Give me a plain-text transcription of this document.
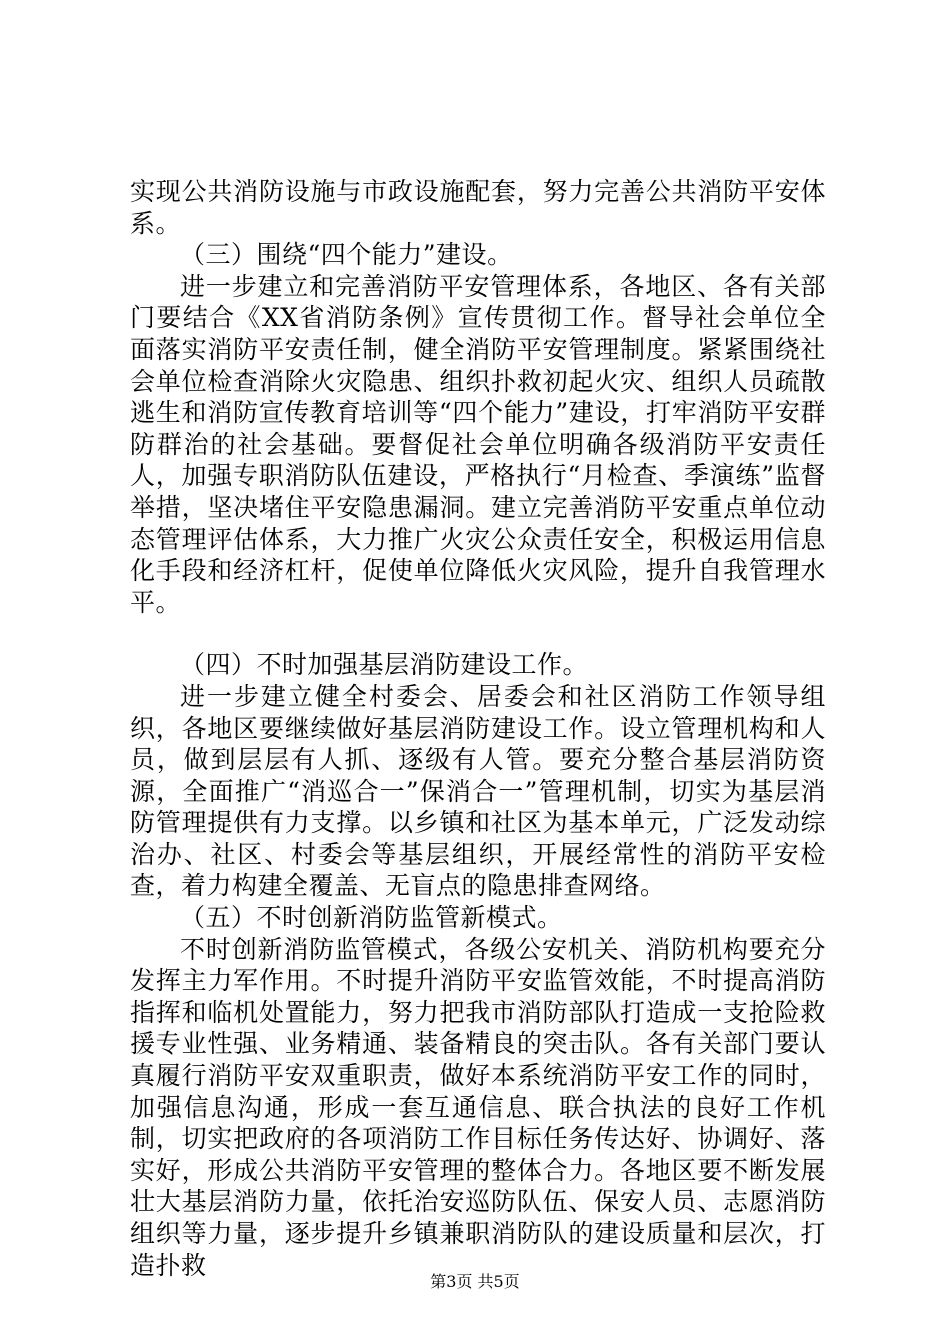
实现公共消防设施与市政设施配套，努力完善公共消防平安体系。

（三）围绕“四个能力”建设。

进一步建立和完善消防平安管理体系，各地区、各有关部门要结合《XX省消防条例》宣传贯彻工作。督导社会单位全面落实消防平安责任制，健全消防平安管理制度。紧紧围绕社会单位检查消除火灾隐患、组织扑救初起火灾、组织人员疏散逃生和消防宣传教育培训等“四个能力”建设，打牢消防平安群防群治的社会基础。要督促社会单位明确各级消防平安责任人，加强专职消防队伍建设，严格执行“月检查、季演练”监督举措，坚决堵住平安隐患漏洞。建立完善消防平安重点单位动态管理评估体系，大力推广火灾公众责任安全，积极运用信息化手段和经济杠杆，促使单位降低火灾风险，提升自我管理水平。

（四）不时加强基层消防建设工作。

进一步建立健全村委会、居委会和社区消防工作领导组织，各地区要继续做好基层消防建设工作。设立管理机构和人员，做到层层有人抓、逐级有人管。要充分整合基层消防资源，全面推广“消巡合一”保消合一”管理机制，切实为基层消防管理提供有力支撑。以乡镇和社区为基本单元，广泛发动综治办、社区、村委会等基层组织，开展经常性的消防平安检查，着力构建全覆盖、无盲点的隐患排查网络。

（五）不时创新消防监管新模式。

不时创新消防监管模式，各级公安机关、消防机构要充分发挥主力军作用。不时提升消防平安监管效能，不时提高消防指挥和临机处置能力，努力把我市消防部队打造成一支抢险救援专业性强、业务精通、装备精良的突击队。各有关部门要认真履行消防平安双重职责，做好本系统消防平安工作的同时，加强信息沟通，形成一套互通信息、联合执法的良好工作机制，切实把政府的各项消防工作目标任务传达好、协调好、落实好，形成公共消防平安管理的整体合力。各地区要不断发展壮大基层消防力量，依托治安巡防队伍、保安人员、志愿消防组织等力量，逐步提升乡镇兼职消防队的建设质量和层次，打造扑救

第3页 共5页
